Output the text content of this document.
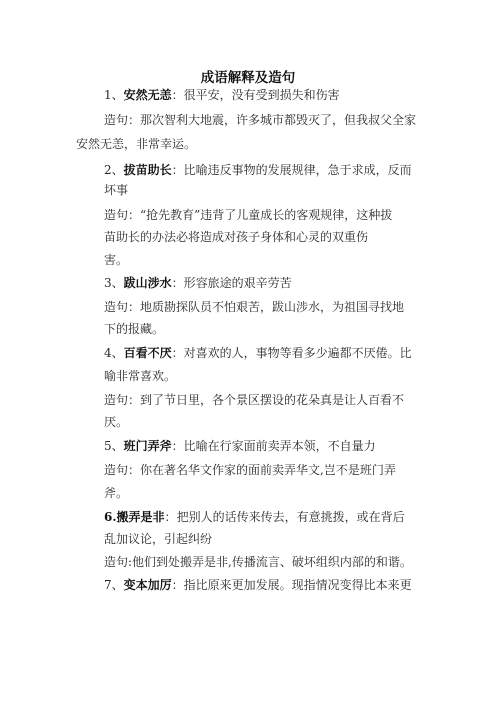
成语解释及造句
1、安然无恙：很平安，没有受到损失和伤害
造句：那次智利大地震，许多城市都毁灭了，但我叔父全家
安然无恙，非常幸运。
2、拔苗助长：比喻违反事物的发展规律，急于求成，反而
坏事
造句：“抢先教育”违背了儿童成长的客观规律，这种拔
苗助长的办法必将造成对孩子身体和心灵的双重伤
害。
3、跋山涉水：形容旅途的艰辛劳苦
造句：地质勘探队员不怕艰苦，跋山涉水，为祖国寻找地
下的报藏。
4、百看不厌：对喜欢的人，事物等看多少遍都不厌倦。比
喻非常喜欢。
造句：到了节日里，各个景区摆设的花朵真是让人百看不
厌。
5、班门弄斧：比喻在行家面前卖弄本领，不自量力
造句：你在著名华文作家的面前卖弄华文,岂不是班门弄
斧。
6.搬弄是非：把别人的话传来传去，有意挑拨，或在背后
乱加议论，引起纠纷
造句:他们到处搬弄是非,传播流言、破坏组织内部的和谐。
7、变本加厉：指比原来更加发展。现指情况变得比本来更
